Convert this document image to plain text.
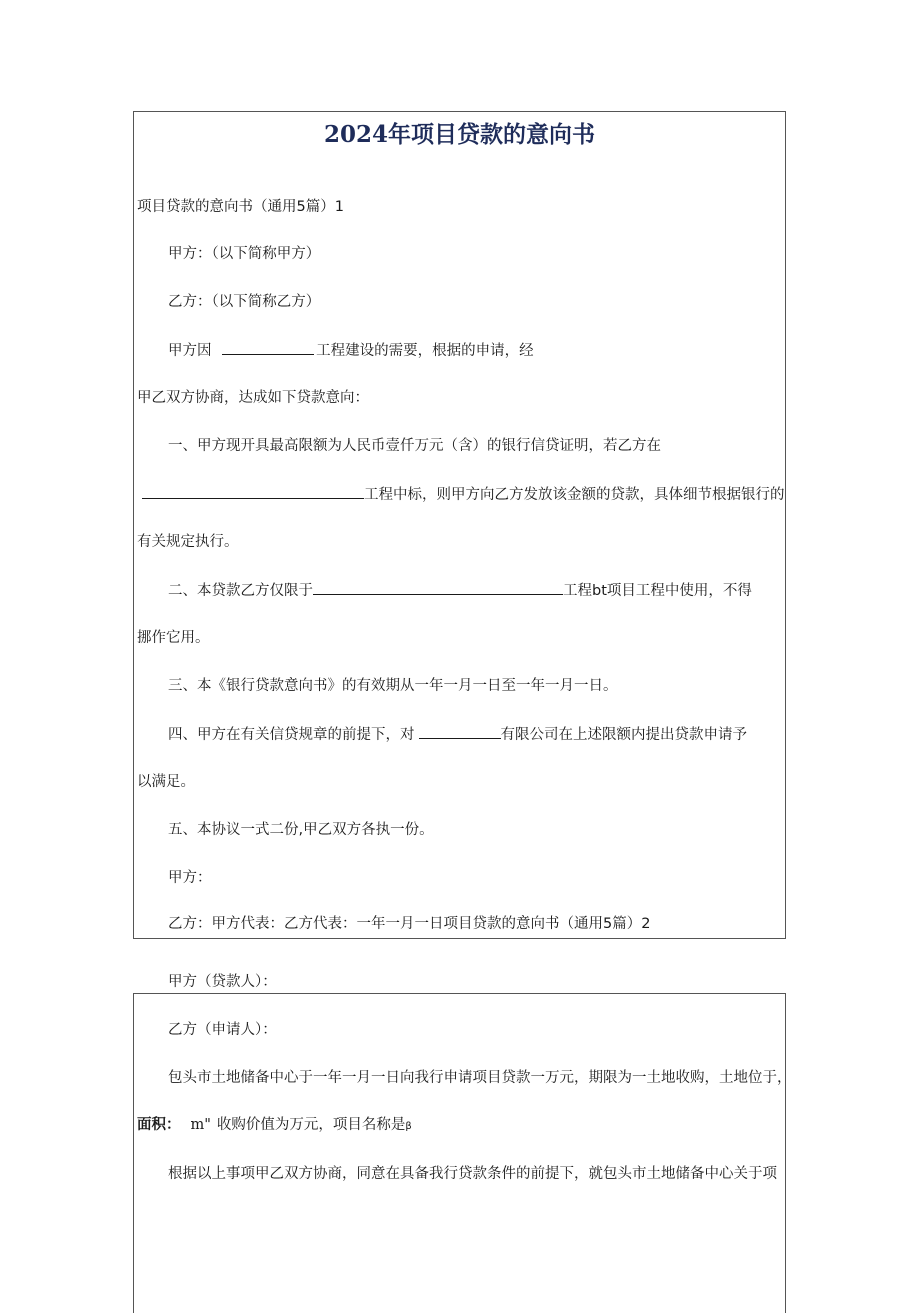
2024年项目贷款的意向书
项目贷款的意向书（通用5篇）1
甲方：（以下简称甲方）
乙方：（以下简称乙方）
甲方因	工程建设的需要，根据的申请，经
甲乙双方协商，达成如下贷款意向：
一、甲方现开具最高限额为人民币壹仟万元（含）的银行信贷证明，若乙方在
工程中标，则甲方向乙方发放该金额的贷款，具体细节根据银行的
有关规定执行。
二、本贷款乙方仅限于	工程bt项目工程中使用，不得
挪作它用。
三、本《银行贷款意向书》的有效期从一年一月一日至一年一月一日。
四、甲方在有关信贷规章的前提下，对	有限公司在上述限额内提出贷款申请予
以满足。
五、本协议一式二份,甲乙双方各执一份。
甲方：
乙方：甲方代表：乙方代表：一年一月一日项目贷款的意向书（通用5篇）2
甲方（贷款人）：
乙方（申请人）：
包头市土地储备中心于一年一月一日向我行申请项目贷款一万元，期限为一土地收购，土地位于，
面积： m" 收购价值为万元，项目名称是β
根据以上事项甲乙双方协商，同意在具备我行贷款条件的前提下，就包头市土地储备中心关于项
